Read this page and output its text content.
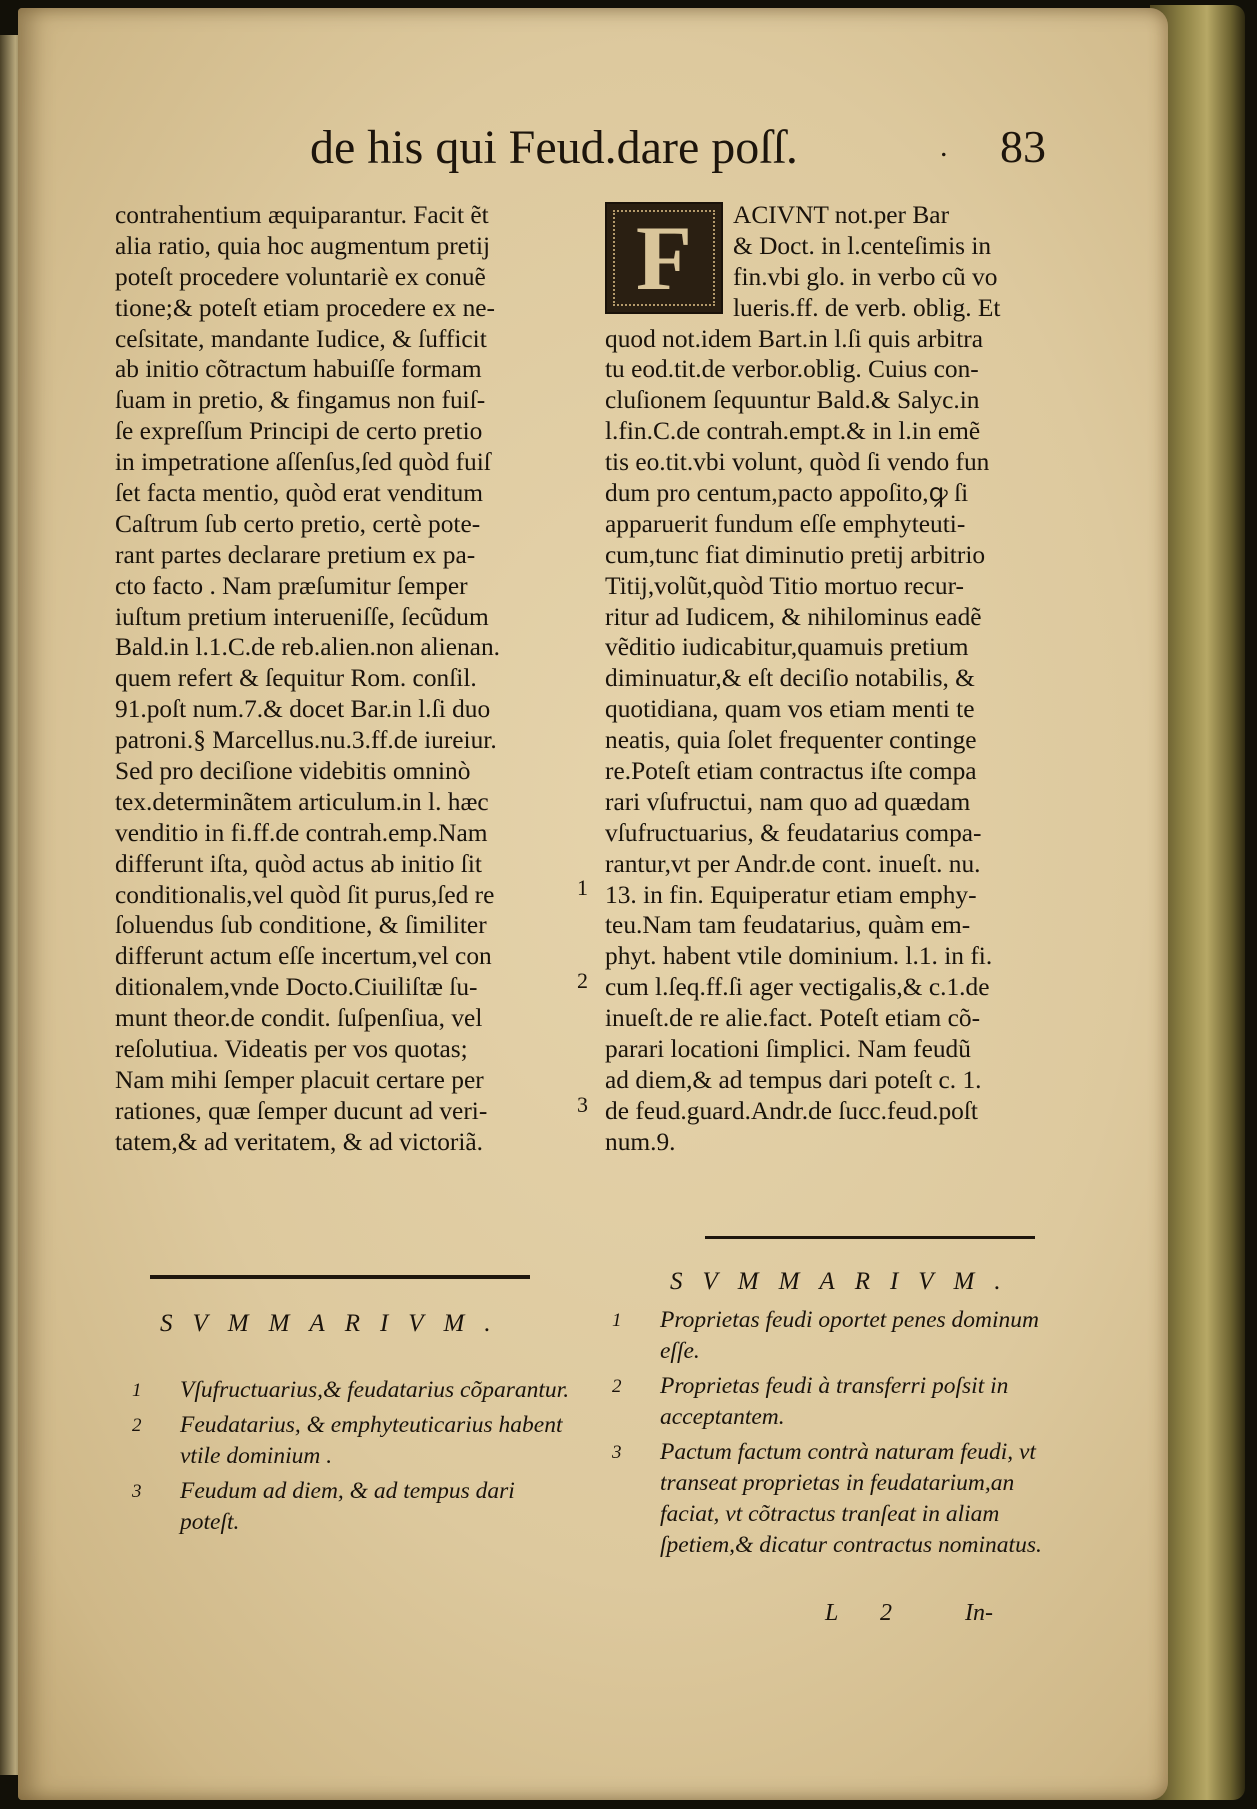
de his qui Feud.dare poſſ.	. 83
contrahentium æquiparantur. Facit ẽt
alia ratio, quia hoc augmentum pretij
poteſt procedere voluntariè ex conuẽ
tione;& poteſt etiam procedere ex ne-
ceſsitate, mandante Iudice, & ſufficit
ab initio cõtractum habuiſſe formam
ſuam in pretio, & fingamus non fuiſ-
ſe expreſſum Principi de certo pretio
in impetratione aſſenſus,ſed quòd fuiſ
ſet facta mentio, quòd erat venditum
Caſtrum ſub certo pretio, certè pote-
rant partes declarare pretium ex pa-
cto facto . Nam præſumitur ſemper
iuſtum pretium interueniſſe, ſecũdum
Bald.in l.1.C.de reb.alien.non alienan.
quem refert & ſequitur Rom. conſil.
91.poſt num.7.& docet Bar.in l.ſi duo
patroni.§ Marcellus.nu.3.ff.de iureiur.
Sed pro deciſione videbitis omninò
tex.determinãtem articulum.in l. hæc
venditio in fi.ff.de contrah.emp.Nam
differunt iſta, quòd actus ab initio ſit
conditionalis,vel quòd ſit purus,ſed re
ſoluendus ſub conditione, & ſimiliter
differunt actum eſſe incertum,vel con
ditionalem,vnde Docto.Ciuiliſtæ ſu-
munt theor.de condit. ſuſpenſiua, vel
reſolutiua. Videatis per vos quotas;
Nam mihi ſemper placuit certare per
rationes, quæ ſemper ducunt ad veri-
tatem,& ad veritatem, & ad victoriã.
F	ACIVNT not.per Bar
& Doct. in l.centeſimis in
fin.vbi glo. in verbo cũ vo
lueris.ff. de verb. oblig. Et
quod not.idem Bart.in l.ſi quis arbitra
tu eod.tit.de verbor.oblig. Cuius con-
cluſionem ſequuntur Bald.& Salyc.in
l.fin.C.de contrah.empt.& in l.in emẽ
tis eo.tit.vbi volunt, quòd ſi vendo fun
dum pro centum,pacto appoſito,ꝙ ſi
apparuerit fundum eſſe emphyteuti-
cum,tunc fiat diminutio pretij arbitrio
Titij,volũt,quòd Titio mortuo recur-
ritur ad Iudicem, & nihilominus eadẽ
vẽditio iudicabitur,quamuis pretium
diminuatur,& eſt deciſio notabilis, &
quotidiana, quam vos etiam menti te
neatis, quia ſolet frequenter continge
re.Poteſt etiam contractus iſte compa
rari vſufructui, nam quo ad quædam
vſufructuarius, & feudatarius compa-
rantur,vt per Andr.de cont. inueſt. nu.
13. in fin. Equiperatur etiam emphy-
teu.Nam tam feudatarius, quàm em-
phyt. habent vtile dominium. l.1. in fi.
cum l.ſeq.ff.ſi ager vectigalis,& c.1.de
inueſt.de re alie.fact. Poteſt etiam cõ-
parari locationi ſimplici. Nam feudũ
ad diem,& ad tempus dari poteſt c. 1.
de feud.guard.Andr.de ſucc.feud.poſt
num.9.
1
2
3
SVMMARIVM.
1 Vſufructuarius,& feudatarius cõparantur.
2 Feudatarius, & emphyteuticarius habent vtile dominium .
3 Feudum ad diem, & ad tempus dari poteſt.
SVMMARIVM.
1 Proprietas feudi oportet penes dominum eſſe.
2 Proprietas feudi à transferri poſsit in acceptantem.
3 Pactum factum contrà naturam feudi, vt transeat proprietas in feudatarium,an faciat, vt cõtractus tranſeat in aliam ſpetiem,& dicatur contractus nominatus.
L 2	In-
